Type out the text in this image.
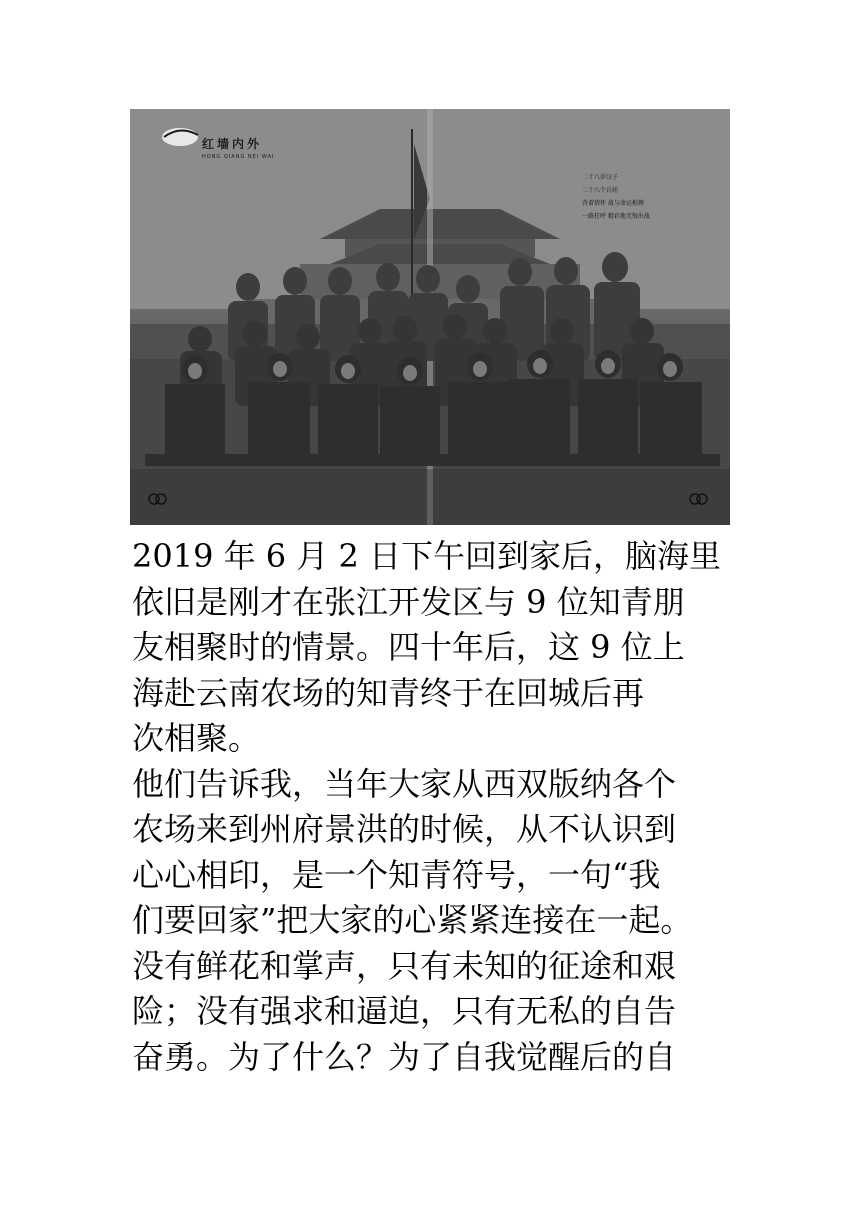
红墙内外
HONG QIANG NEI WAI
二十八岁汉子
二十八个兵娃
背着情怀 战与命运相搏
一路狂呼 精彩地无悔出战

2019 年 6 月 2 日下午回到家后，脑海里
依旧是刚才在张江开发区与 9 位知青朋
友相聚时的情景。四十年后，这 9 位上
海赴云南农场的知青终于在回城后再
次相聚。

他们告诉我，当年大家从西双版纳各个
农场来到州府景洪的时候，从不认识到
心心相印，是一个知青符号，一句“我
们要回家”把大家的心紧紧连接在一起。
没有鲜花和掌声，只有未知的征途和艰
险；没有强求和逼迫，只有无私的自告
奋勇。为了什么？为了自我觉醒后的自
